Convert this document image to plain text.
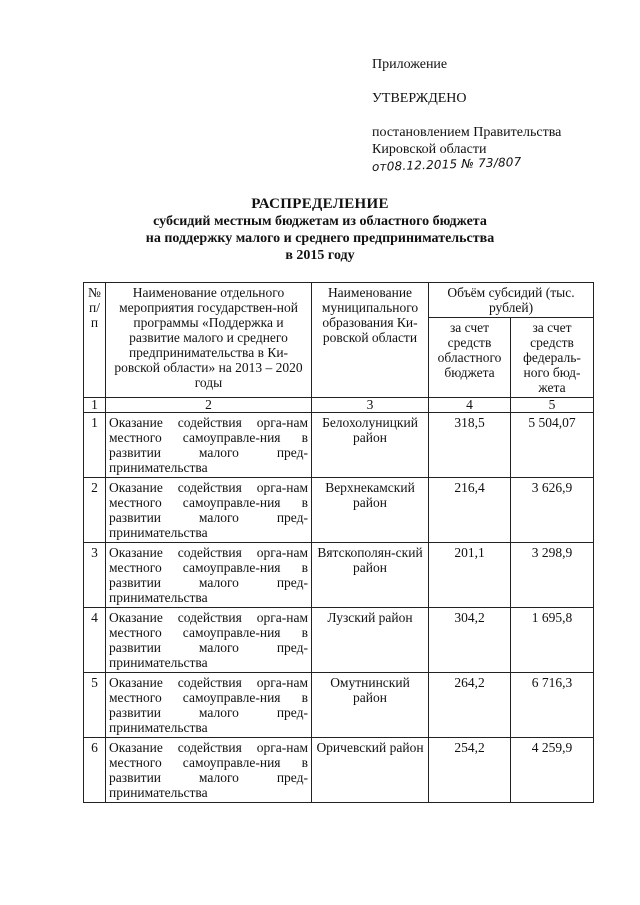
Приложение
УТВЕРЖДЕНО
постановлением Правительства
Кировской области
от08.12.2015 № 73/807
РАСПРЕДЕЛЕНИЕ
субсидий местным бюджетам из областного бюджета
на поддержку малого и среднего предпринимательства
в 2015 году
№ п/п	Наименование отдельного мероприятия государствен-ной программы «Поддержка и развитие малого и среднего предпринимательства в Ки-ровской области» на 2013 – 2020 годы	Наименование муниципального образования Ки-ровской области	Объём субсидий (тыс. рублей)	
			за счет средств областного бюджета	за счет средств федераль-ного бюд-жета
1	2	3	4	5
1	Оказание содействия орга-нам местного самоуправле-ния в развитии малого пред-принимательства	Белохолуницкий район	318,5	5 504,07
2	Оказание содействия орга-нам местного самоуправле-ния в развитии малого пред-принимательства	Верхнекамский район	216,4	3 626,9
3	Оказание содействия орга-нам местного самоуправле-ния в развитии малого пред-принимательства	Вятскополян-ский район	201,1	3 298,9
4	Оказание содействия орга-нам местного самоуправле-ния в развитии малого пред-принимательства	Лузский район	304,2	1 695,8
5	Оказание содействия орга-нам местного самоуправле-ния в развитии малого пред-принимательства	Омутнинский район	264,2	6 716,3
6	Оказание содействия орга-нам местного самоуправле-ния в развитии малого пред-принимательства	Оричевский район	254,2	4 259,9
